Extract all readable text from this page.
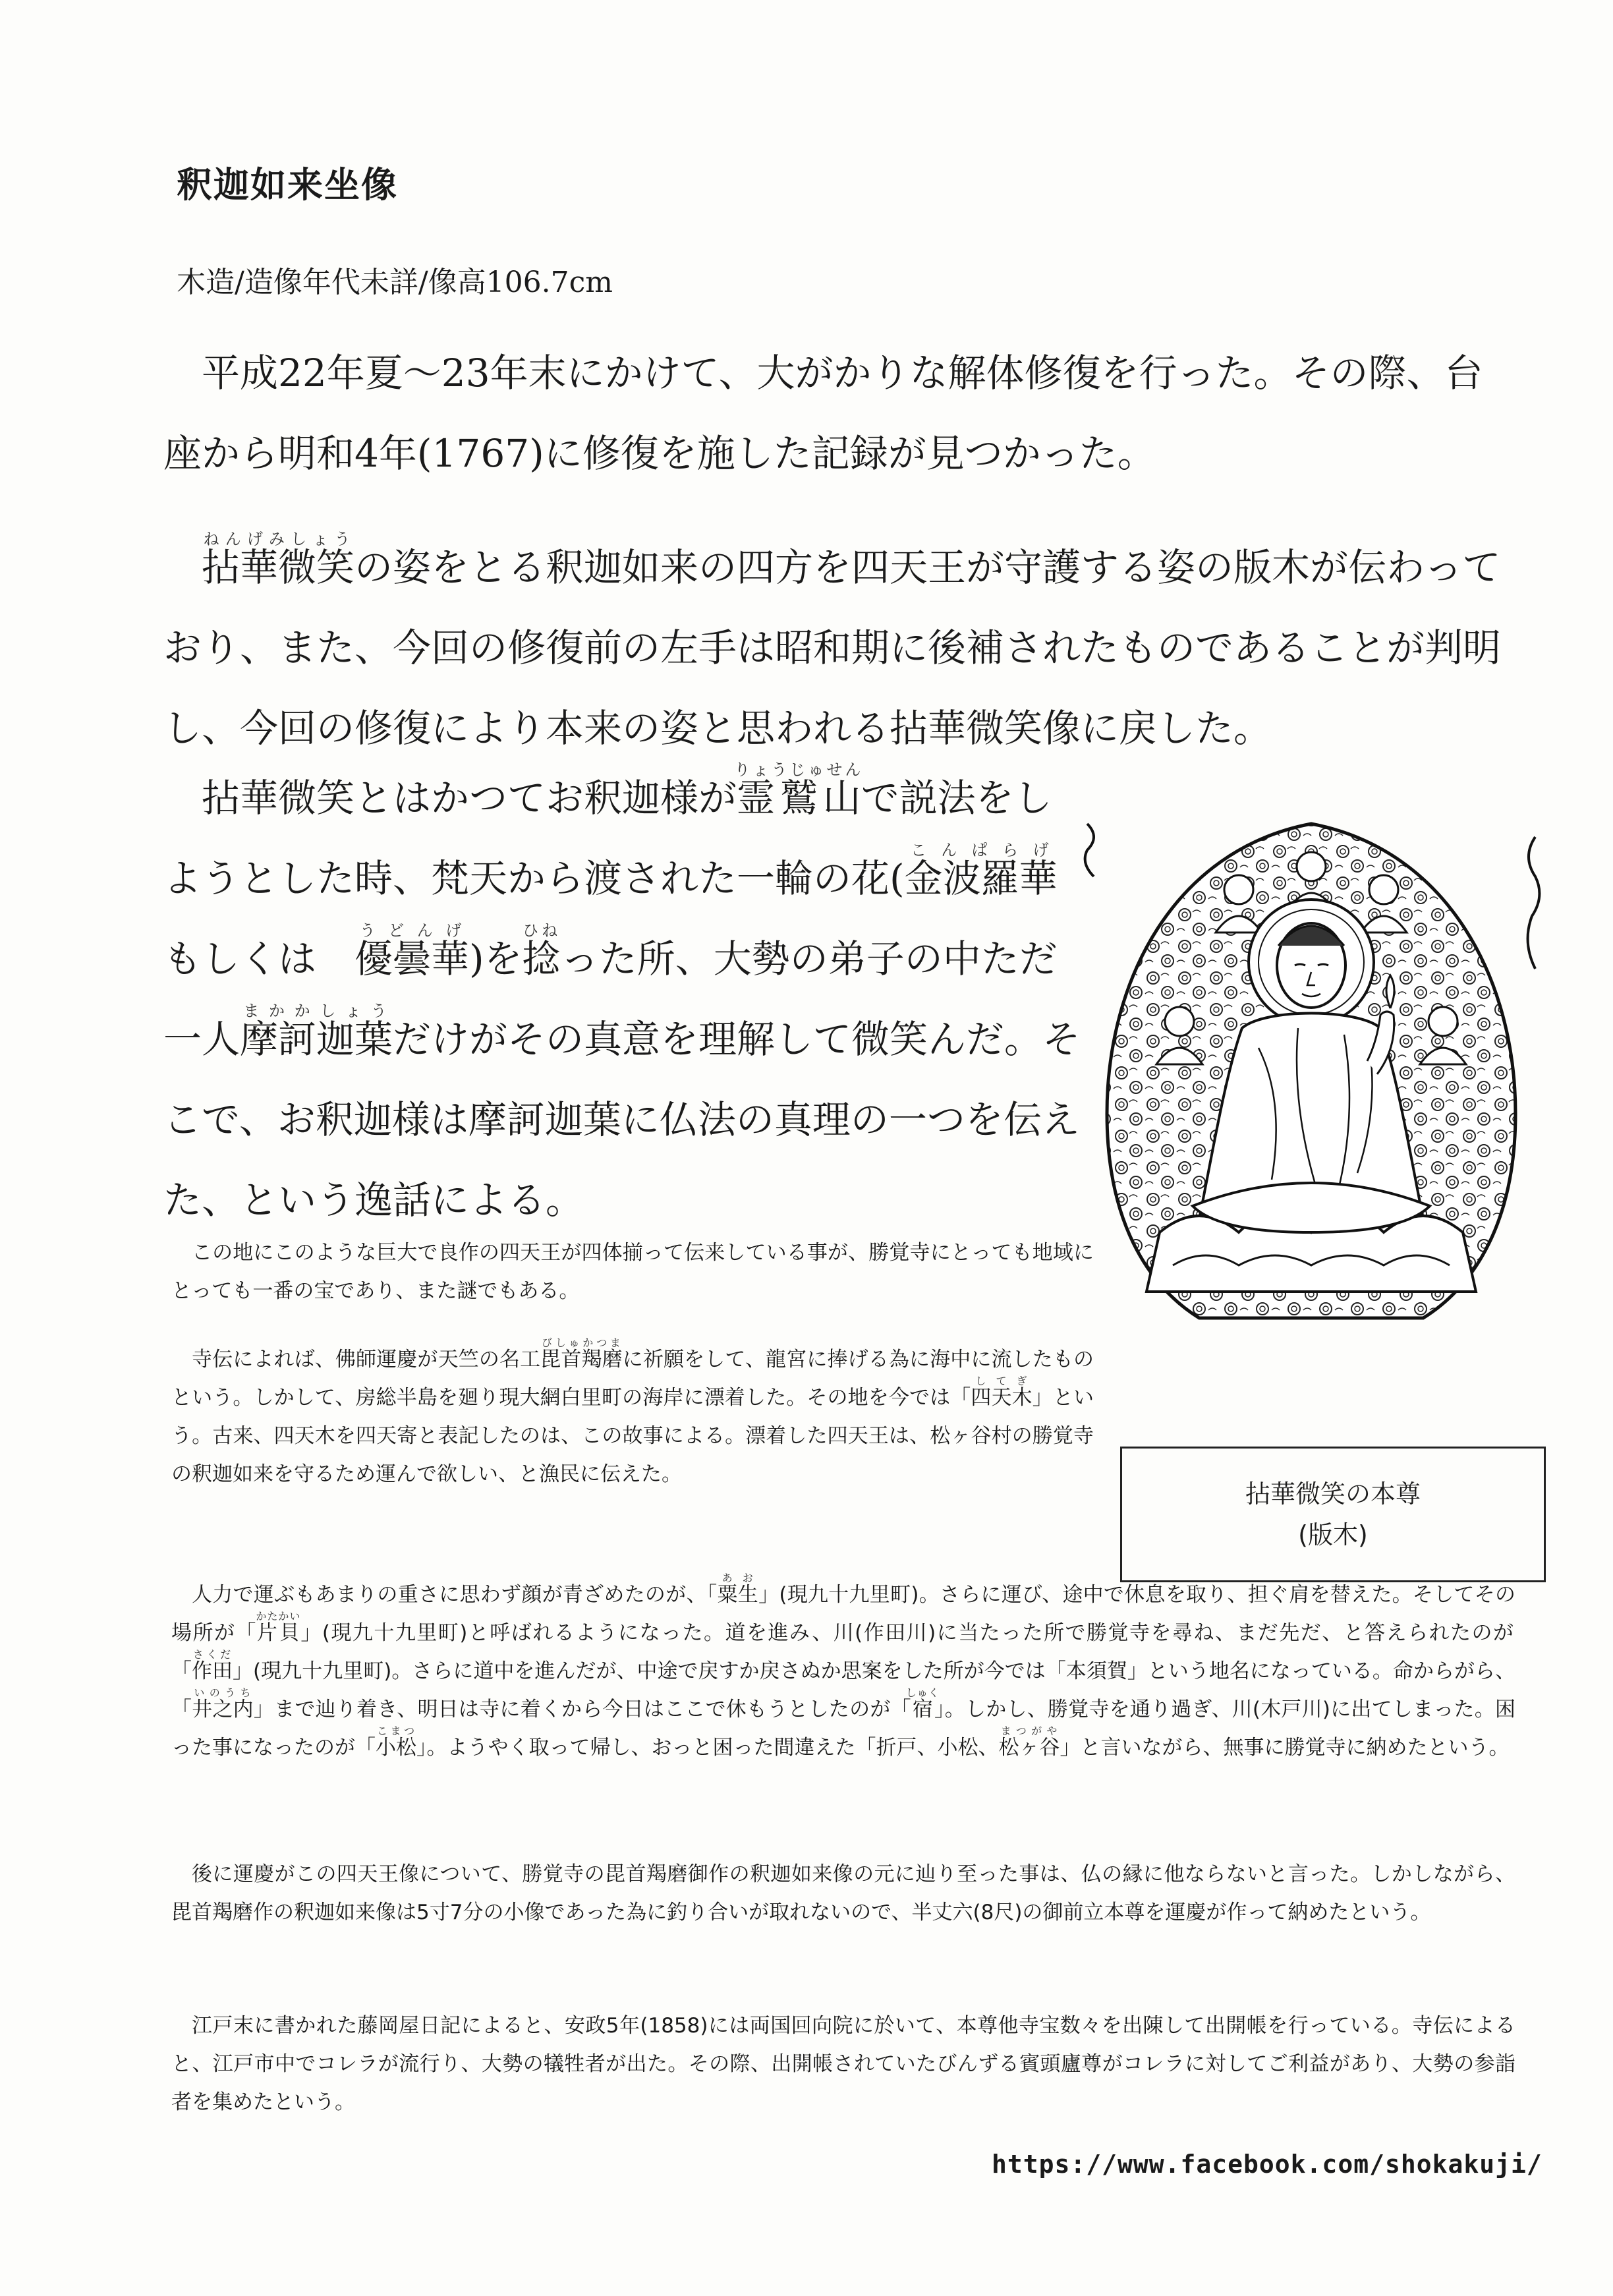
釈迦如来坐像
木造/造像年代未詳/像高106.7cm
平成22年夏〜23年末にかけて、大がかりな解体修復を行った。その際、台座から明和4年(1767)に修復を施した記録が見つかった。
拈華微笑ねんげみしょうの姿をとる釈迦如来の四方を四天王が守護する姿の版木が伝わっており、また、今回の修復前の左手は昭和期に後補されたものであることが判明し、今回の修復により本来の姿と思われる拈華微笑像に戻した。
拈華微笑とはかつてお釈迦様が霊鷲山りょうじゅせんで説法をしようとした時、梵天から渡された一輪の花(金波羅華こんぱらげ　もしくは　優曇華うどんげ)を捻ひねった所、大勢の弟子の中ただ一人摩訶迦葉まかかしょうだけがその真意を理解して微笑んだ。そこで、お釈迦様は摩訶迦葉に仏法の真理の一つを伝えた、という逸話による。
拈華微笑の本尊
(版木)
この地にこのような巨大で良作の四天王が四体揃って伝来している事が、勝覚寺にとっても地域にとっても一番の宝であり、また謎でもある。
寺伝によれば、佛師運慶が天竺の名工毘首羯磨びしゅかつまに祈願をして、龍宮に捧げる為に海中に流したものという。しかして、房総半島を廻り現大網白里町の海岸に漂着した。その地を今では「四天木してぎ」という。古来、四天木を四天寄と表記したのは、この故事による。漂着した四天王は、松ヶ谷村の勝覚寺の釈迦如来を守るため運んで欲しい、と漁民に伝えた。
人力で運ぶもあまりの重さに思わず顔が青ざめたのが、「粟生あお」(現九十九里町)。さらに運び、途中で休息を取り、担ぐ肩を替えた。そしてその場所が「片貝かたかい」(現九十九里町)と呼ばれるようになった。道を進み、川(作田川)に当たった所で勝覚寺を尋ね、まだ先だ、と答えられたのが「作田さくだ」(現九十九里町)。さらに道中を進んだが、中途で戻すか戻さぬか思案をした所が今では「本須賀」という地名になっている。命からがら、「井之内いのうち」まで辿り着き、明日は寺に着くから今日はここで休もうとしたのが「宿しゅく」。しかし、勝覚寺を通り過ぎ、川(木戸川)に出てしまった。困った事になったのが「小松こまつ」。ようやく取って帰し、おっと困った間違えた「折戸、小松、松ヶ谷まつがや」と言いながら、無事に勝覚寺に納めたという。
後に運慶がこの四天王像について、勝覚寺の毘首羯磨御作の釈迦如来像の元に辿り至った事は、仏の縁に他ならないと言った。しかしながら、毘首羯磨作の釈迦如来像は5寸7分の小像であった為に釣り合いが取れないので、半丈六(8尺)の御前立本尊を運慶が作って納めたという。
江戸末に書かれた藤岡屋日記によると、安政5年(1858)には両国回向院に於いて、本尊他寺宝数々を出陳して出開帳を行っている。寺伝によると、江戸市中でコレラが流行り、大勢の犠牲者が出た。その際、出開帳されていたびんずる賓頭廬尊がコレラに対してご利益があり、大勢の参詣者を集めたという。
https://www.facebook.com/shokakuji/
